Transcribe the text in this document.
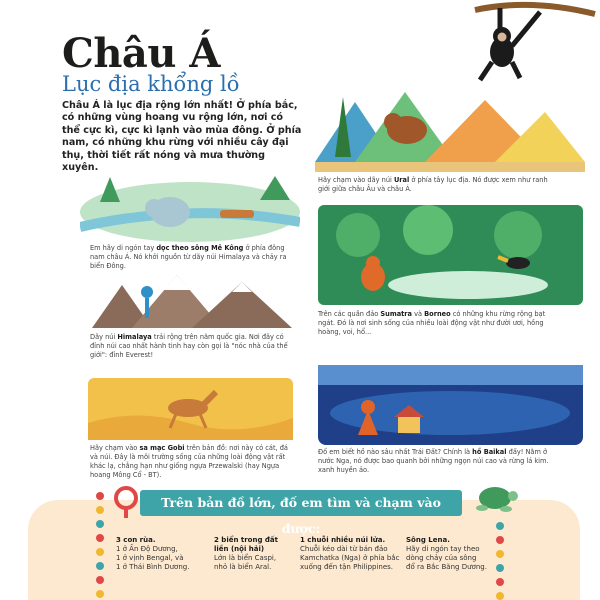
Châu Á
Lục địa khổng lồ
Châu Á là lục địa rộng lớn nhất! Ở phía bắc, có những vùng hoang vu rộng lớn, nơi có thể cực kì, cực kì lạnh vào mùa đông. Ở phía nam, có những khu rừng với nhiều cây đại thụ, thời tiết rất nóng và mưa thường xuyên.
Hãy chạm vào dãy núi Ural ở phía tây lục địa. Nó được xem như ranh giới giữa châu Âu và châu Á.
Em hãy di ngón tay dọc theo sông Mê Kông ở phía đông nam châu Á. Nó khởi nguồn từ dãy núi Himalaya và chảy ra biển Đông.
Dãy núi Himalaya trải rộng trên năm quốc gia. Nơi đây có đỉnh núi cao nhất hành tinh hay còn gọi là "nóc nhà của thế giới": đỉnh Everest!
Trên các quần đảo Sumatra và Borneo có những khu rừng rộng bạt ngát. Đó là nơi sinh sống của nhiều loài động vật như đười ươi, hồng hoàng, voi, hổ...
Hãy chạm vào sa mạc Gobi trên bản đồ: nơi này có cát, đá và núi. Đây là môi trường sống của những loài động vật rất khác lạ, chẳng hạn như giống ngựa Przewalski (hay Ngựa hoang Mông Cổ - BT).
Đố em biết hồ nào sâu nhất Trái Đất? Chính là hồ Baikal đấy! Nằm ở nước Nga, nó được bao quanh bởi những ngọn núi cao và rừng lá kim. xanh huyền ảo.
Trên bản đồ lớn, đố em tìm và chạm vào được:
3 con rùa.
1 ở Ấn Độ Dương,
1 ở vịnh Bengal, và
1 ở Thái Bình Dương.
2 biển trong đất liền (nội hải)
Lớn là biển Caspi,
nhỏ là biển Aral.
1 chuỗi nhiều núi lửa.
Chuỗi kéo dài từ bán đảo
Kamchatka (Nga) ở phía bắc
xuống đến tận Philippines.
Sông Lena.
Hãy di ngón tay theo
dòng chảy của sông
đổ ra Bắc Băng Dương.
